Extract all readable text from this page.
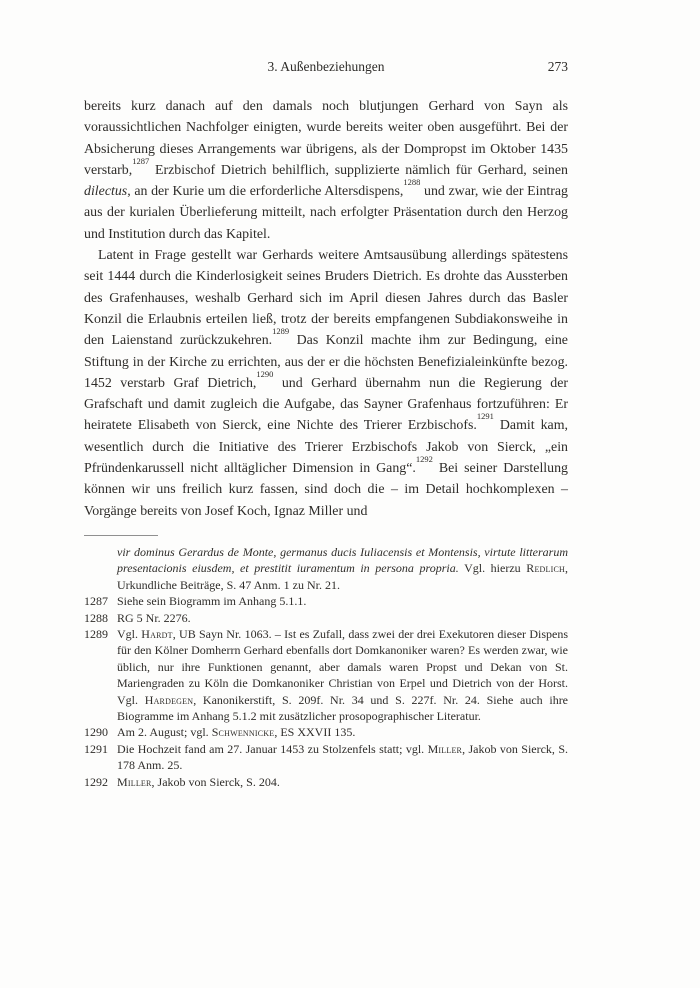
3. Außenbeziehungen	273

bereits kurz danach auf den damals noch blutjungen Gerhard von Sayn als voraussichtlichen Nachfolger einigten, wurde bereits weiter oben ausgeführt. Bei der Absicherung dieses Arrangements war übrigens, als der Dompropst im Oktober 1435 verstarb,$^{1287}$ Erzbischof Dietrich behilflich, supplizierte nämlich für Gerhard, seinen dilectus, an der Kurie um die erforderliche Altersdispens,$^{1288}$ und zwar, wie der Eintrag aus der kurialen Überlieferung mitteilt, nach erfolgter Präsentation durch den Herzog und Institution durch das Kapitel.

Latent in Frage gestellt war Gerhards weitere Amtsausübung allerdings spätestens seit 1444 durch die Kinderlosigkeit seines Bruders Dietrich. Es drohte das Aussterben des Grafenhauses, weshalb Gerhard sich im April diesen Jahres durch das Basler Konzil die Erlaubnis erteilen ließ, trotz der bereits empfangenen Subdiakonsweihe in den Laienstand zurückzukehren.$^{1289}$ Das Konzil machte ihm zur Bedingung, eine Stiftung in der Kirche zu errichten, aus der er die höchsten Benefizialeinkünfte bezog. 1452 verstarb Graf Dietrich,$^{1290}$ und Gerhard übernahm nun die Regierung der Grafschaft und damit zugleich die Aufgabe, das Sayner Grafenhaus fortzuführen: Er heiratete Elisabeth von Sierck, eine Nichte des Trierer Erzbischofs.$^{1291}$ Damit kam, wesentlich durch die Initiative des Trierer Erzbischofs Jakob von Sierck, „ein Pfründenkarussell nicht alltäglicher Dimension in Gang“.$^{1292}$ Bei seiner Darstellung können wir uns freilich kurz fassen, sind doch die – im Detail hochkomplexen – Vorgänge bereits von Josef Koch, Ignaz Miller und

vir dominus Gerardus de Monte, germanus ducis Iuliacensis et Montensis, virtute litterarum presentacionis eiusdem, et prestitit iuramentum in persona propria. Vgl. hierzu Redlich, Urkundliche Beiträge, S. 47 Anm. 1 zu Nr. 21.
1287 Siehe sein Biogramm im Anhang 5.1.1.
1288 RG 5 Nr. 2276.
1289 Vgl. Hardt, UB Sayn Nr. 1063. – Ist es Zufall, dass zwei der drei Exekutoren dieser Dispens für den Kölner Domherrn Gerhard ebenfalls dort Domkanoniker waren? Es werden zwar, wie üblich, nur ihre Funktionen genannt, aber damals waren Propst und Dekan von St. Mariengraden zu Köln die Domkanoniker Christian von Erpel und Dietrich von der Horst. Vgl. Hardegen, Kanonikerstift, S. 209f. Nr. 34 und S. 227f. Nr. 24. Siehe auch ihre Biogramme im Anhang 5.1.2 mit zusätzlicher prosopographischer Literatur.
1290 Am 2. August; vgl. Schwennicke, ES XXVII 135.
1291 Die Hochzeit fand am 27. Januar 1453 zu Stolzenfels statt; vgl. Miller, Jakob von Sierck, S. 178 Anm. 25.
1292 Miller, Jakob von Sierck, S. 204.
